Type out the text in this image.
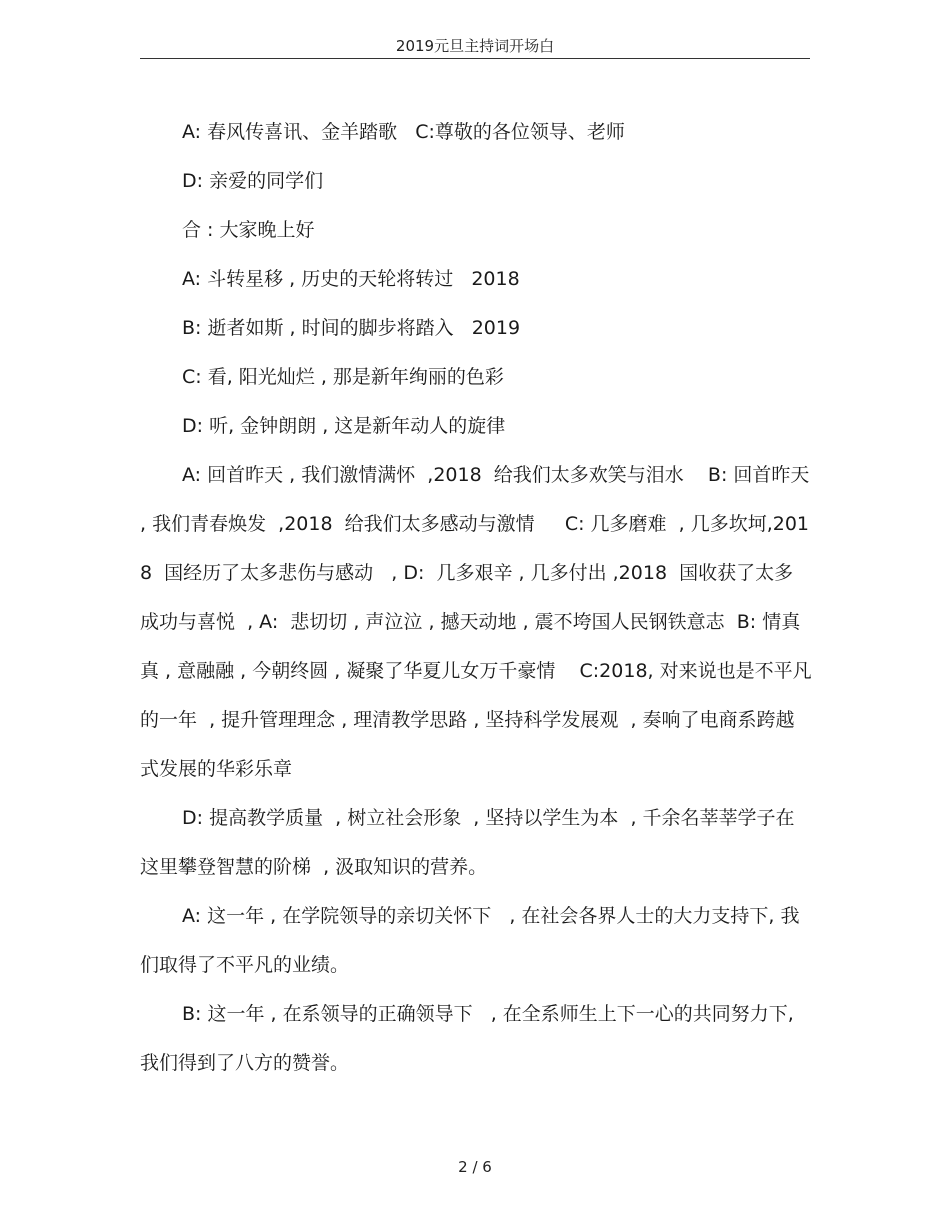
2019元旦主持词开场白

A: 春风传喜讯、金羊踏歌   C:尊敬的各位领导、老师

D: 亲爱的同学们

合 : 大家晚上好

A: 斗转星移 , 历史的天轮将转过   2018

B: 逝者如斯 , 时间的脚步将踏入   2019

C: 看, 阳光灿烂 , 那是新年绚丽的色彩

D: 听, 金钟朗朗 , 这是新年动人的旋律

A: 回首昨天 , 我们激情满怀  ,2018  给我们太多欢笑与泪水    B: 回首昨天 , 我们青春焕发  ,2018  给我们太多感动与激情     C: 几多磨难  , 几多坎坷,2018  国经历了太多悲伤与感动   , D:  几多艰辛 , 几多付出 ,2018  国收获了太多成功与喜悦  , A:  悲切切 , 声泣泣 , 撼天动地 , 震不垮国人民钢铁意志  B: 情真真 , 意融融 , 今朝终圆 , 凝聚了华夏儿女万千豪情    C:2018, 对来说也是不平凡的一年  , 提升管理理念 , 理清教学思路 , 坚持科学发展观  , 奏响了电商系跨越式发展的华彩乐章

D: 提高教学质量  , 树立社会形象  , 坚持以学生为本  , 千余名莘莘学子在这里攀登智慧的阶梯  , 汲取知识的营养。

A: 这一年 , 在学院领导的亲切关怀下   , 在社会各界人士的大力支持下, 我们取得了不平凡的业绩。

B: 这一年 , 在系领导的正确领导下   , 在全系师生上下一心的共同努力下, 我们得到了八方的赞誉。

2 / 6
